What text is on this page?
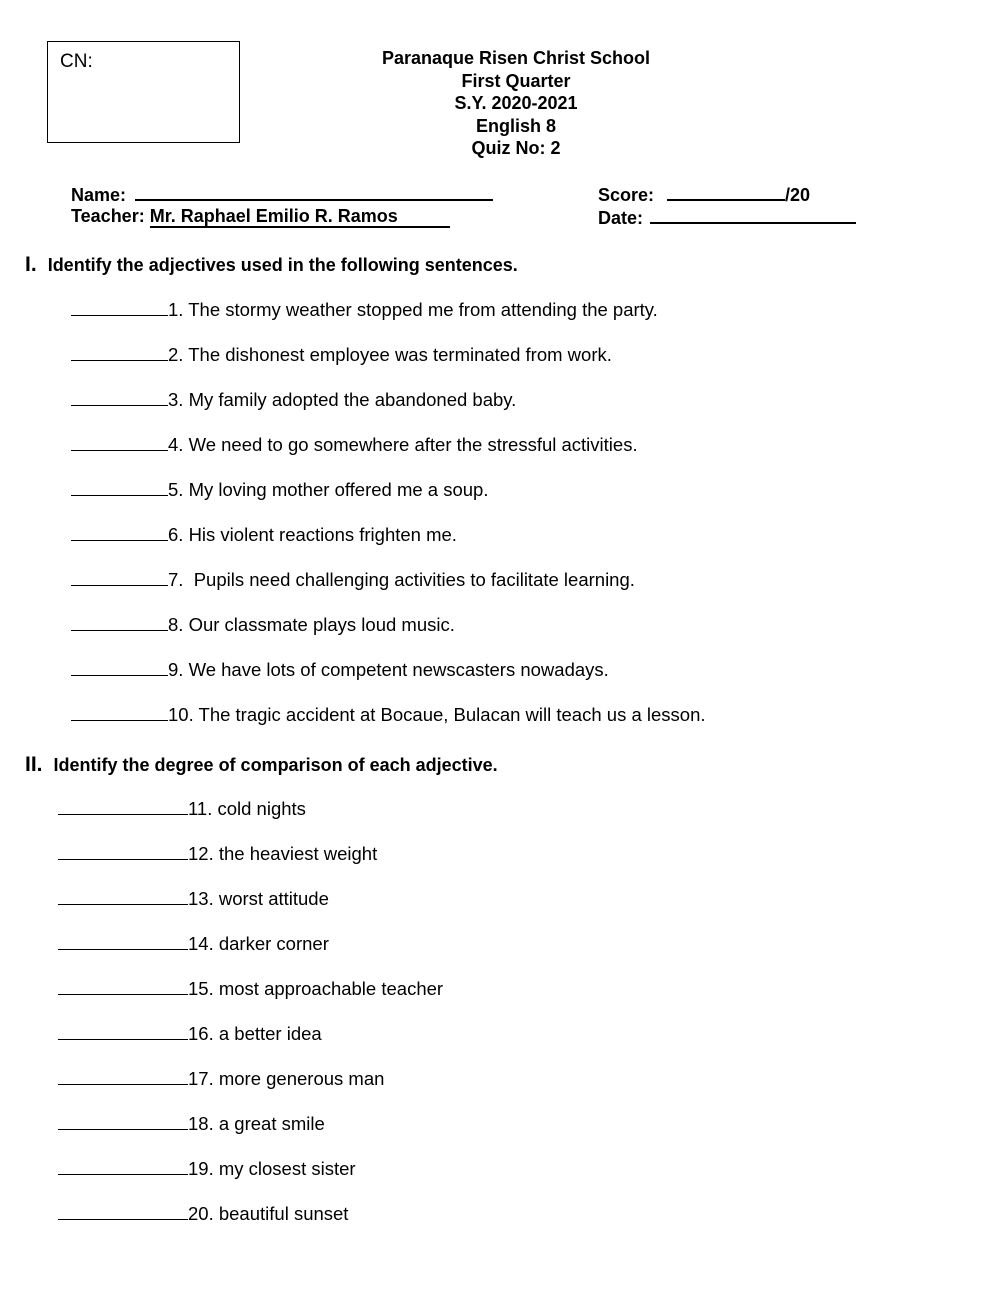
CN:	Paranaque Risen Christ School
First Quarter
S.Y. 2020-2021
English 8
Quiz No: 2
Name:
Teacher: Mr. Raphael Emilio R. Ramos
Score:	/20
Date:
I. Identify the adjectives used in the following sentences.
1. The stormy weather stopped me from attending the party.
2. The dishonest employee was terminated from work.
3. My family adopted the abandoned baby.
4. We need to go somewhere after the stressful activities.
5. My loving mother offered me a soup.
6. His violent reactions frighten me.
7.  Pupils need challenging activities to facilitate learning.
8. Our classmate plays loud music.
9. We have lots of competent newscasters nowadays.
10. The tragic accident at Bocaue, Bulacan will teach us a lesson.
II. Identify the degree of comparison of each adjective.
11. cold nights
12. the heaviest weight
13. worst attitude
14. darker corner
15. most approachable teacher
16. a better idea
17. more generous man
18. a great smile
19. my closest sister
20. beautiful sunset
